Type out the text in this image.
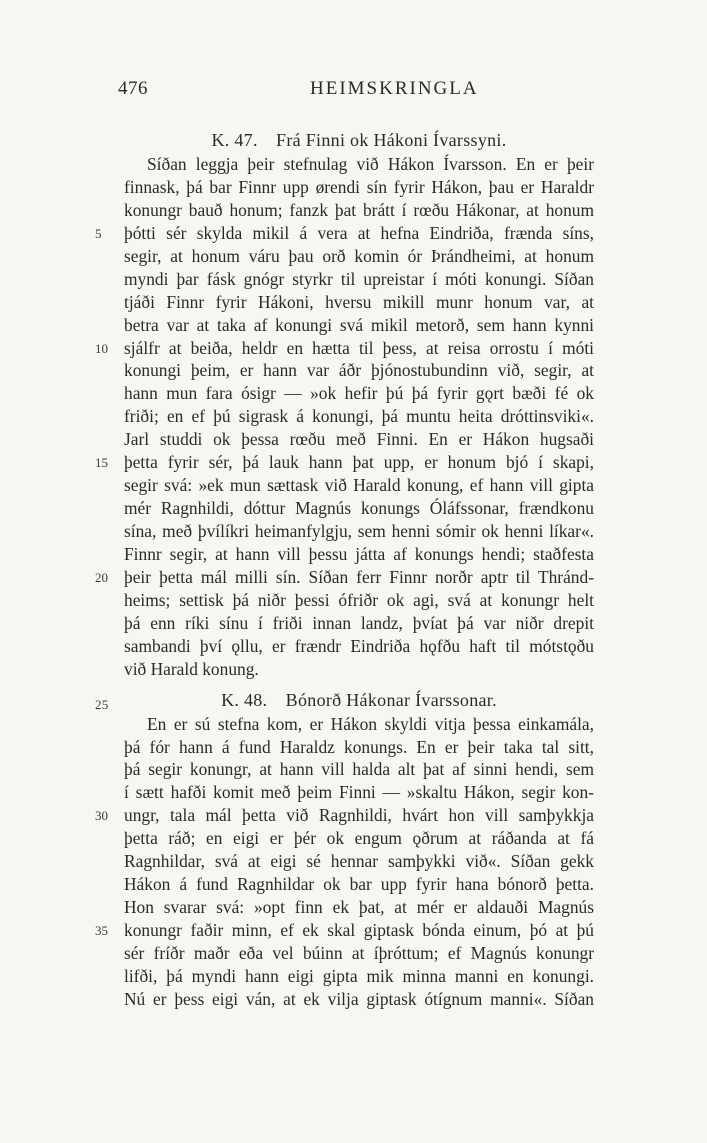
476	HEIMSKRINGLA
K. 47. Frá Finni ok Hákoni Ívarssyni.
Síðan leggja þeir stefnulag við Hákon Ívarsson. En er þeir
finnask, þá bar Finnr upp ørendi sín fyrir Hákon, þau er Haraldr
konungr bauð honum; fanzk þat brátt í rœðu Hákonar, at honum
þótti sér skylda mikil á vera at hefna Eindriða, frænda síns,
5
segir, at honum váru þau orð komin ór Þrándheimi, at honum
myndi þar fásk gnógr styrkr til upreistar í móti konungi. Síðan
tjáði Finnr fyrir Hákoni, hversu mikill munr honum var, at
betra var at taka af konungi svá mikil metorð, sem hann kynni
sjálfr at beiða, heldr en hætta til þess, at reisa orrostu í móti
10
konungi þeim, er hann var áðr þjónostubundinn við, segir, at
hann mun fara ósigr — »ok hefir þú þá fyrir gǫrt bæði fé ok
friði; en ef þú sigrask á konungi, þá muntu heita dróttinsviki«.
Jarl studdi ok þessa rœðu með Finni. En er Hákon hugsaði
þetta fyrir sér, þá lauk hann þat upp, er honum bjó í skapi,
15
segir svá: »ek mun sættask við Harald konung, ef hann vill gipta
mér Ragnhildi, dóttur Magnús konungs Óláfssonar, frændkonu
sína, með þvílíkri heimanfylgju, sem henni sómir ok henni líkar«.
Finnr segir, at hann vill þessu játta af konungs hendi; staðfesta
þeir þetta mál milli sín. Síðan ferr Finnr norðr aptr til Thránd-
20
heims; settisk þá niðr þessi ófriðr ok agi, svá at konungr helt
þá enn ríki sínu í friði innan landz, þvíat þá var niðr drepit
sambandi því ǫllu, er frændr Eindriða hǫfðu haft til mótstǫðu
við Harald konung.
K. 48. Bónorð Hákonar Ívarssonar.
25
En er sú stefna kom, er Hákon skyldi vitja þessa einkamála,
þá fór hann á fund Haraldz konungs. En er þeir taka tal sitt,
þá segir konungr, at hann vill halda alt þat af sinni hendi, sem
í sætt hafði komit með þeim Finni — »skaltu Hákon, segir kon-
ungr, tala mál þetta við Ragnhildi, hvárt hon vill samþykkja
30
þetta ráð; en eigi er þér ok engum ǫðrum at ráðanda at fá
Ragnhildar, svá at eigi sé hennar samþykki við«. Síðan gekk
Hákon á fund Ragnhildar ok bar upp fyrir hana bónorð þetta.
Hon svarar svá: »opt finn ek þat, at mér er aldauði Magnús
konungr faðir minn, ef ek skal giptask bónda einum, þó at þú
35
sér fríðr maðr eða vel búinn at íþróttum; ef Magnús konungr
lifði, þá myndi hann eigi gipta mik minna manni en konungi.
Nú er þess eigi ván, at ek vilja giptask ótígnum manni«. Síðan
